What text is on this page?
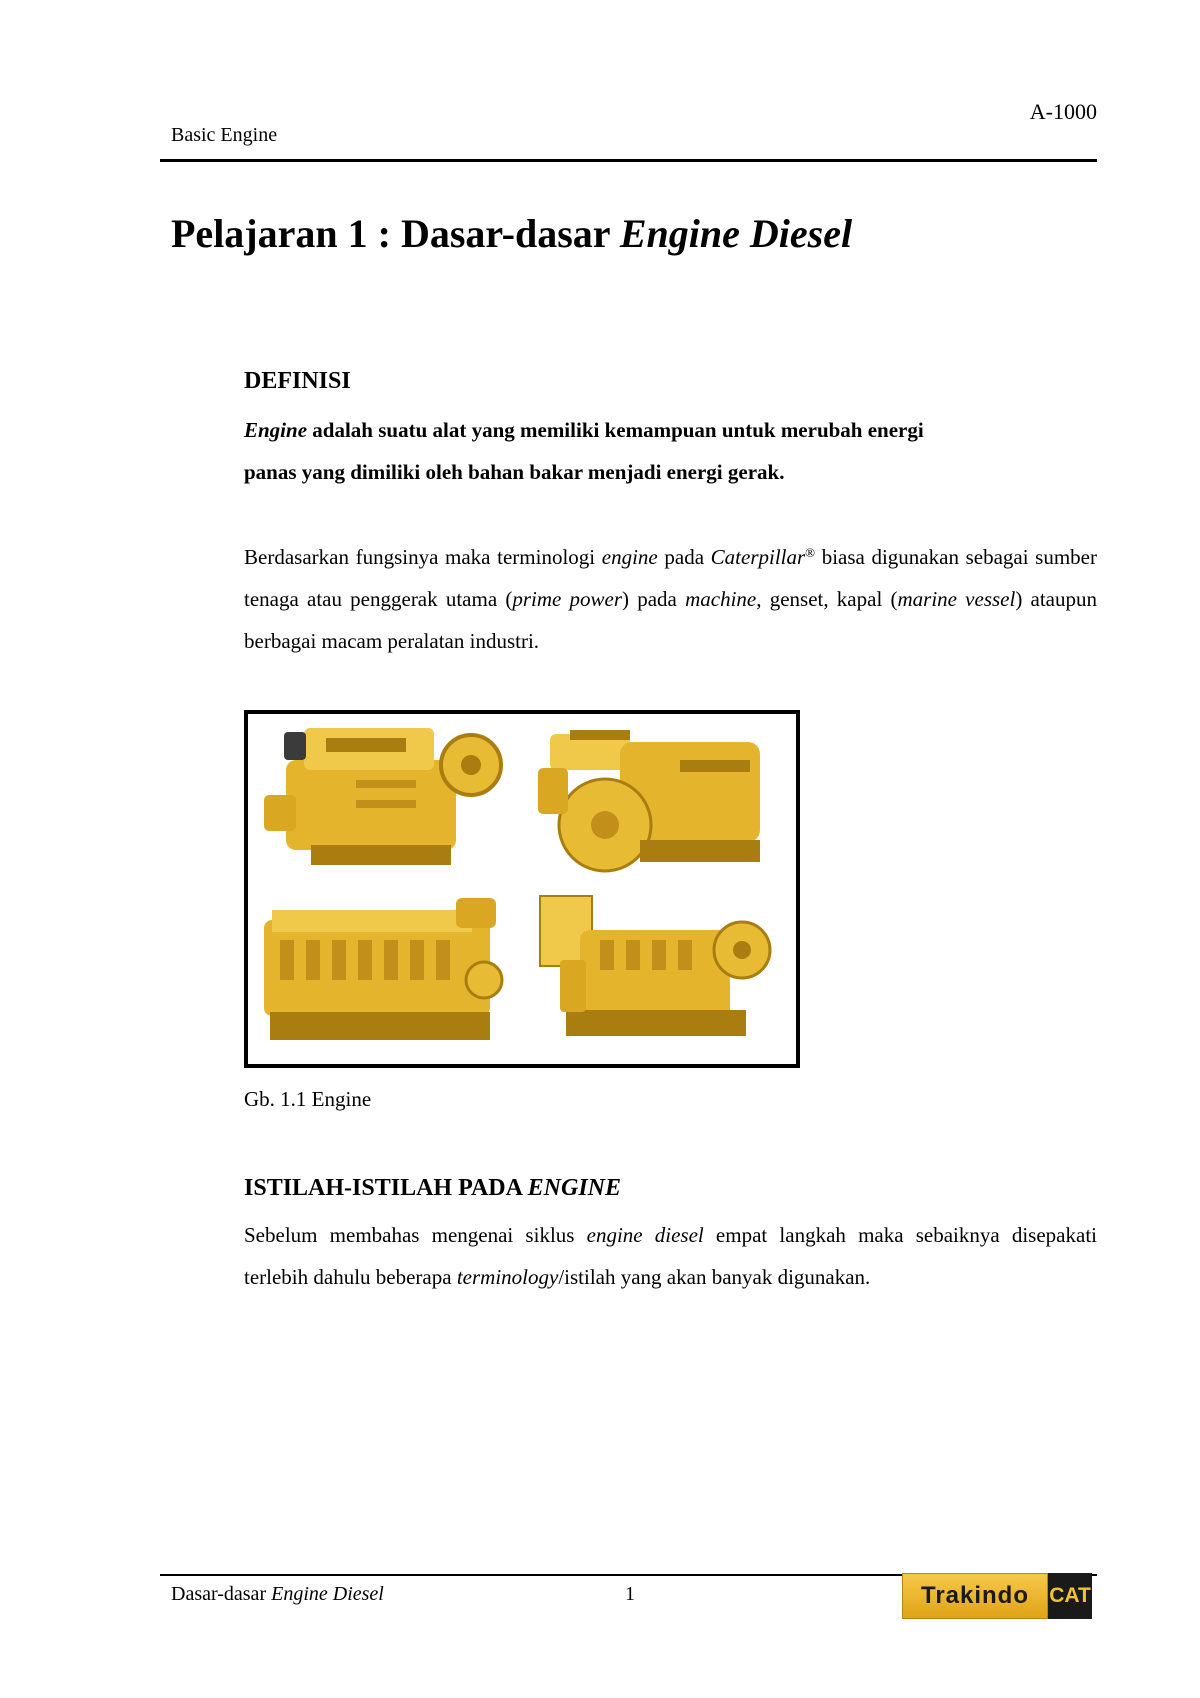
Basic Engine
A-1000
Pelajaran 1 : Dasar-dasar Engine Diesel
DEFINISI
Engine adalah suatu alat yang memiliki kemampuan untuk merubah energi
panas yang dimiliki oleh bahan bakar menjadi energi gerak.
Berdasarkan fungsinya maka terminologi engine pada Caterpillar® biasa digunakan sebagai sumber tenaga atau penggerak utama (prime power) pada machine, genset, kapal (marine vessel) ataupun berbagai macam peralatan industri.
Gb. 1.1 Engine
ISTILAH-ISTILAH PADA ENGINE
Sebelum membahas mengenai siklus engine diesel empat langkah maka sebaiknya disepakati terlebih dahulu beberapa terminology/istilah yang akan banyak digunakan.
Dasar-dasar Engine Diesel	1	Trakindo CAT
